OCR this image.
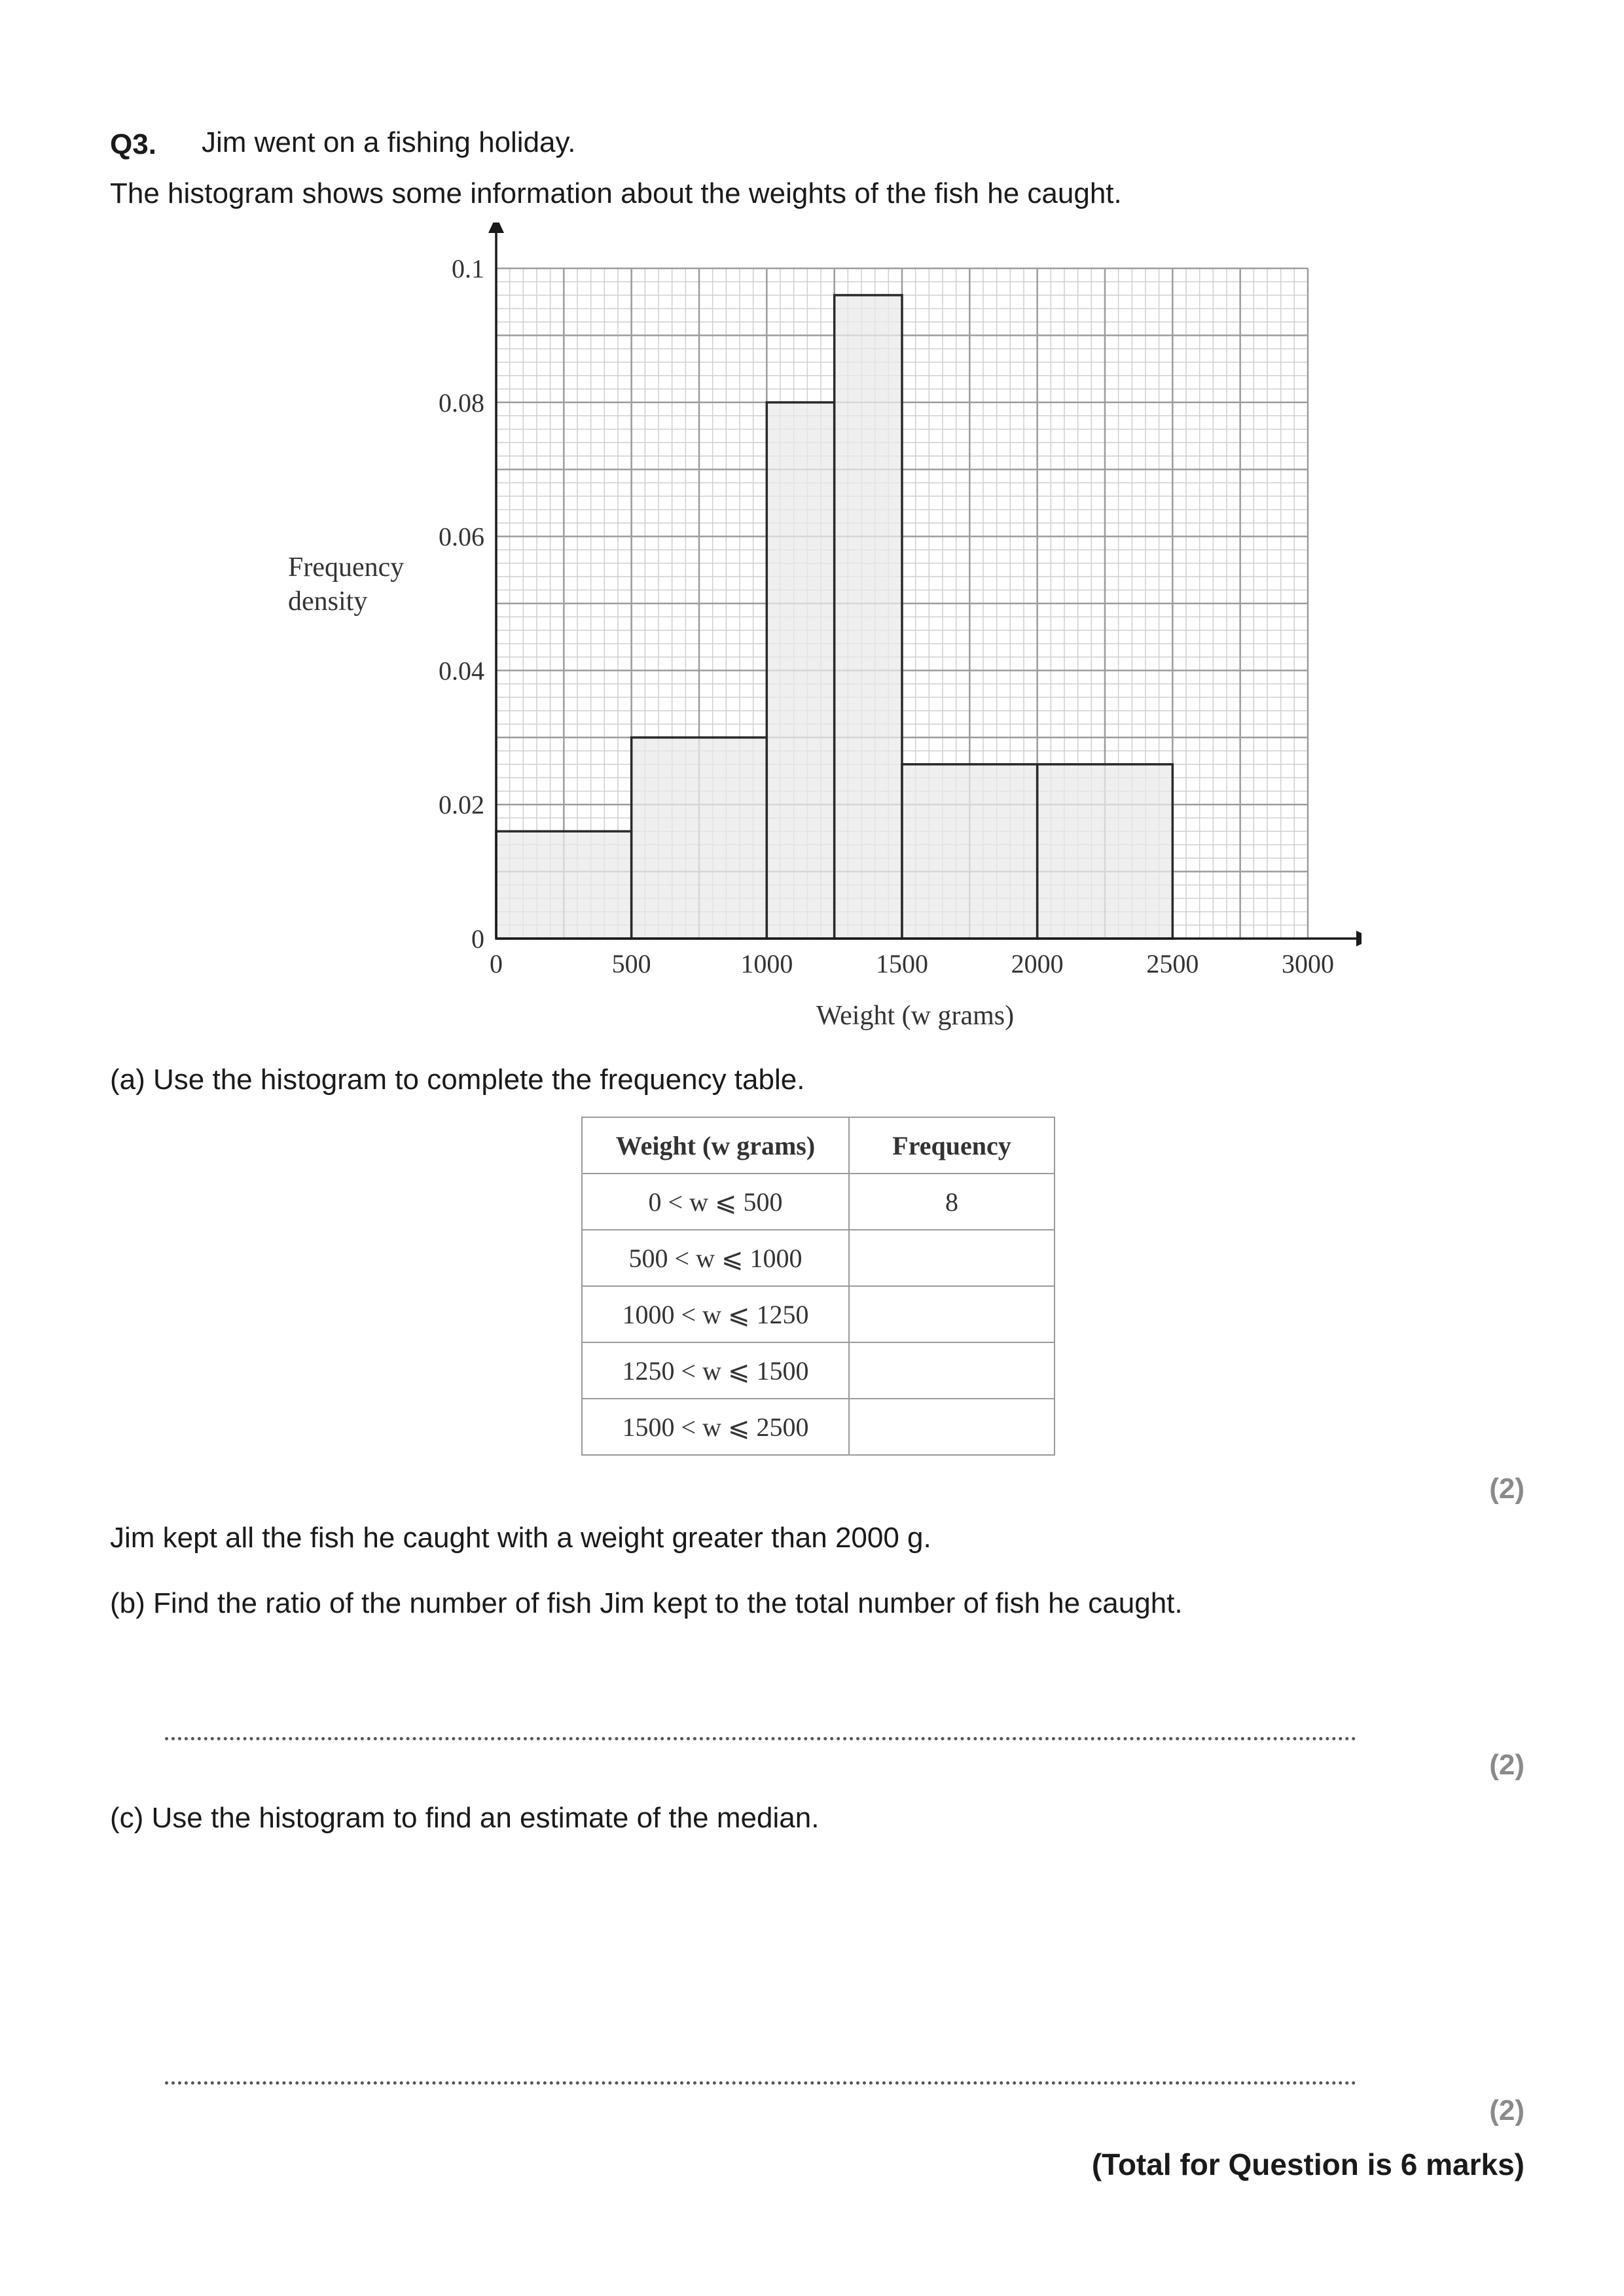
Q3. Jim went on a fishing holiday.
The histogram shows some information about the weights of the fish he caught.
0	500	1000	1500	2000	2500	3000
0
0.02
0.04
0.06
0.08
0.1
Frequency
density
Weight (w grams)
(a) Use the histogram to complete the frequency table.
Weight (w grams)	Frequency
0 < w ⩽ 500	8
500 < w ⩽ 1000	
1000 < w ⩽ 1250	
1250 < w ⩽ 1500	
1500 < w ⩽ 2500	
(2)
Jim kept all the fish he caught with a weight greater than 2000 g.
(b) Find the ratio of the number of fish Jim kept to the total number of fish he caught.
(2)
(c) Use the histogram to find an estimate of the median.
(2)
(Total for Question is 6 marks)
